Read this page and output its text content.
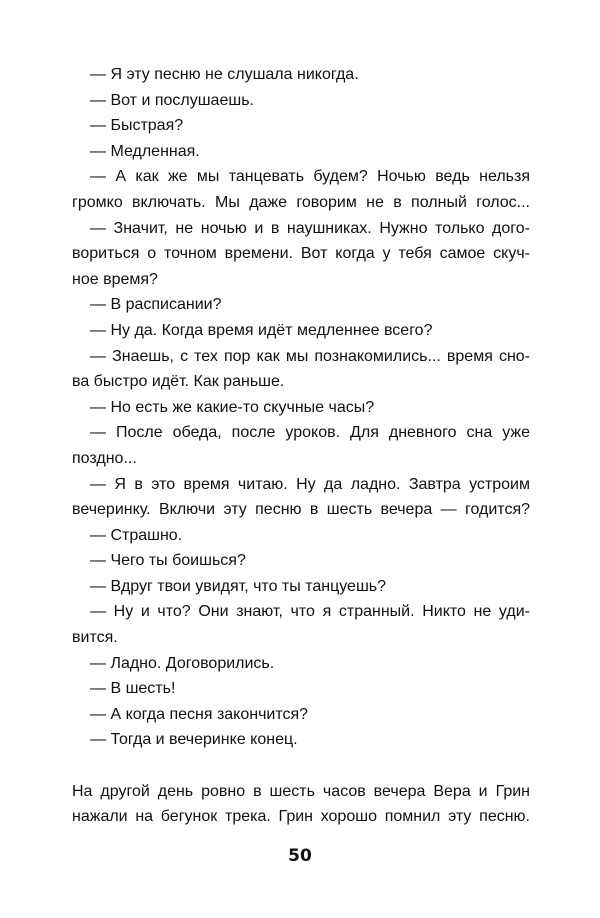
— Я эту песню не слушала никогда.
— Вот и послушаешь.
— Быстрая?
— Медленная.
— А как же мы танцевать будем? Ночью ведь нельзя
громко включать. Мы даже говорим не в полный голос...
— Значит, не ночью и в наушниках. Нужно только дого-
вориться о точном времени. Вот когда у тебя самое скуч-
ное время?
— В расписании?
— Ну да. Когда время идёт медленнее всего?
— Знаешь, с тех пор как мы познакомились... время сно-
ва быстро идёт. Как раньше.
— Но есть же какие-то скучные часы?
— После обеда, после уроков. Для дневного сна уже
поздно...
— Я в это время читаю. Ну да ладно. Завтра устроим
вечеринку. Включи эту песню в шесть вечера — годится?
— Страшно.
— Чего ты боишься?
— Вдруг твои увидят, что ты танцуешь?
— Ну и что? Они знают, что я странный. Никто не уди-
вится.
— Ладно. Договорились.
— В шесть!
— А когда песня закончится?
— Тогда и вечеринке конец.
На другой день ровно в шесть часов вечера Вера и Грин
нажали на бегунок трека. Грин хорошо помнил эту песню.
50
